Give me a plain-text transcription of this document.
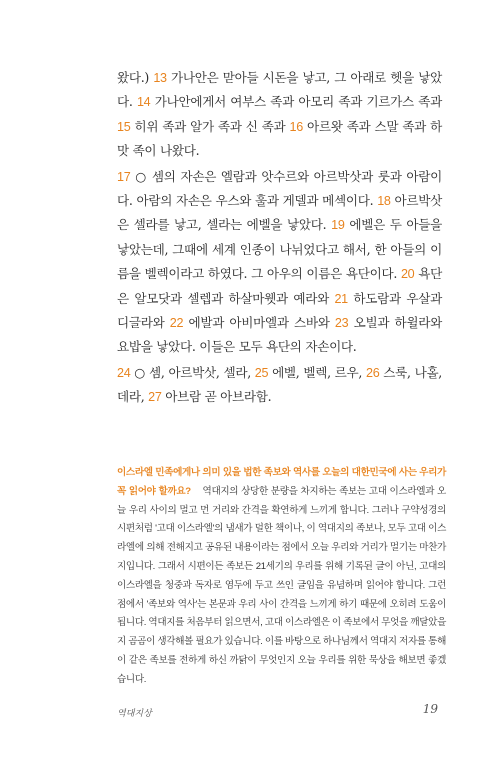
왔다.) 13 가나안은 맏아들 시돈을 낳고, 그 아래로 헷을 낳았다. 14 가나안에게서 여부스 족과 아모리 족과 기르가스 족과 15 히위 족과 알가 족과 신 족과 16 아르왓 족과 스말 족과 하맛 족이 나왔다.

17 ○ 셈의 자손은 엘람과 앗수르와 아르박삿과 룻과 아람이다. 아람의 자손은 우스와 훌과 게델과 메섹이다. 18 아르박삿은 셀라를 낳고, 셀라는 에벨을 낳았다. 19 에벨은 두 아들을 낳았는데, 그때에 세계 인종이 나뉘었다고 해서, 한 아들의 이름을 벨렉이라고 하였다. 그 아우의 이름은 욕단이다. 20 욕단은 알모닷과 셀렙과 하살마웻과 예라와 21 하도람과 우살과 디글라와 22 에발과 아비마엘과 스바와 23 오빌과 하윌라와 요밥을 낳았다. 이들은 모두 욕단의 자손이다.

24 ○ 셈, 아르박삿, 셀라, 25 에벨, 벨렉, 르우, 26 스룩, 나홀, 데라, 27 아브람 곧 아브라함.

이스라엘 민족에게나 의미 있을 법한 족보와 역사를 오늘의 대한민국에 사는 우리가 꼭 읽어야 할까요? 역대지의 상당한 분량을 차지하는 족보는 고대 이스라엘과 오늘 우리 사이의 멀고 먼 거리와 간격을 확연하게 느끼게 합니다. 그러나 구약성경의 시편처럼 '고대 이스라엘'의 냄새가 덜한 책이나, 이 역대지의 족보나, 모두 고대 이스라엘에 의해 전해지고 공유된 내용이라는 점에서 오늘 우리와 거리가 멀기는 마찬가지입니다. 그래서 시편이든 족보든 21세기의 우리를 위해 기록된 글이 아닌, 고대의 이스라엘을 청중과 독자로 염두에 두고 쓰인 글임을 유념하며 읽어야 합니다. 그런 점에서 '족보와 역사'는 본문과 우리 사이 간격을 느끼게 하기 때문에 오히려 도움이 됩니다. 역대지를 처음부터 읽으면서, 고대 이스라엘은 이 족보에서 무엇을 깨달았을지 곰곰이 생각해볼 필요가 있습니다. 이를 바탕으로 하나님께서 역대지 저자를 통해 이 같은 족보를 전하게 하신 까닭이 무엇인지 오늘 우리를 위한 묵상을 해보면 좋겠습니다.
역대지상	19
